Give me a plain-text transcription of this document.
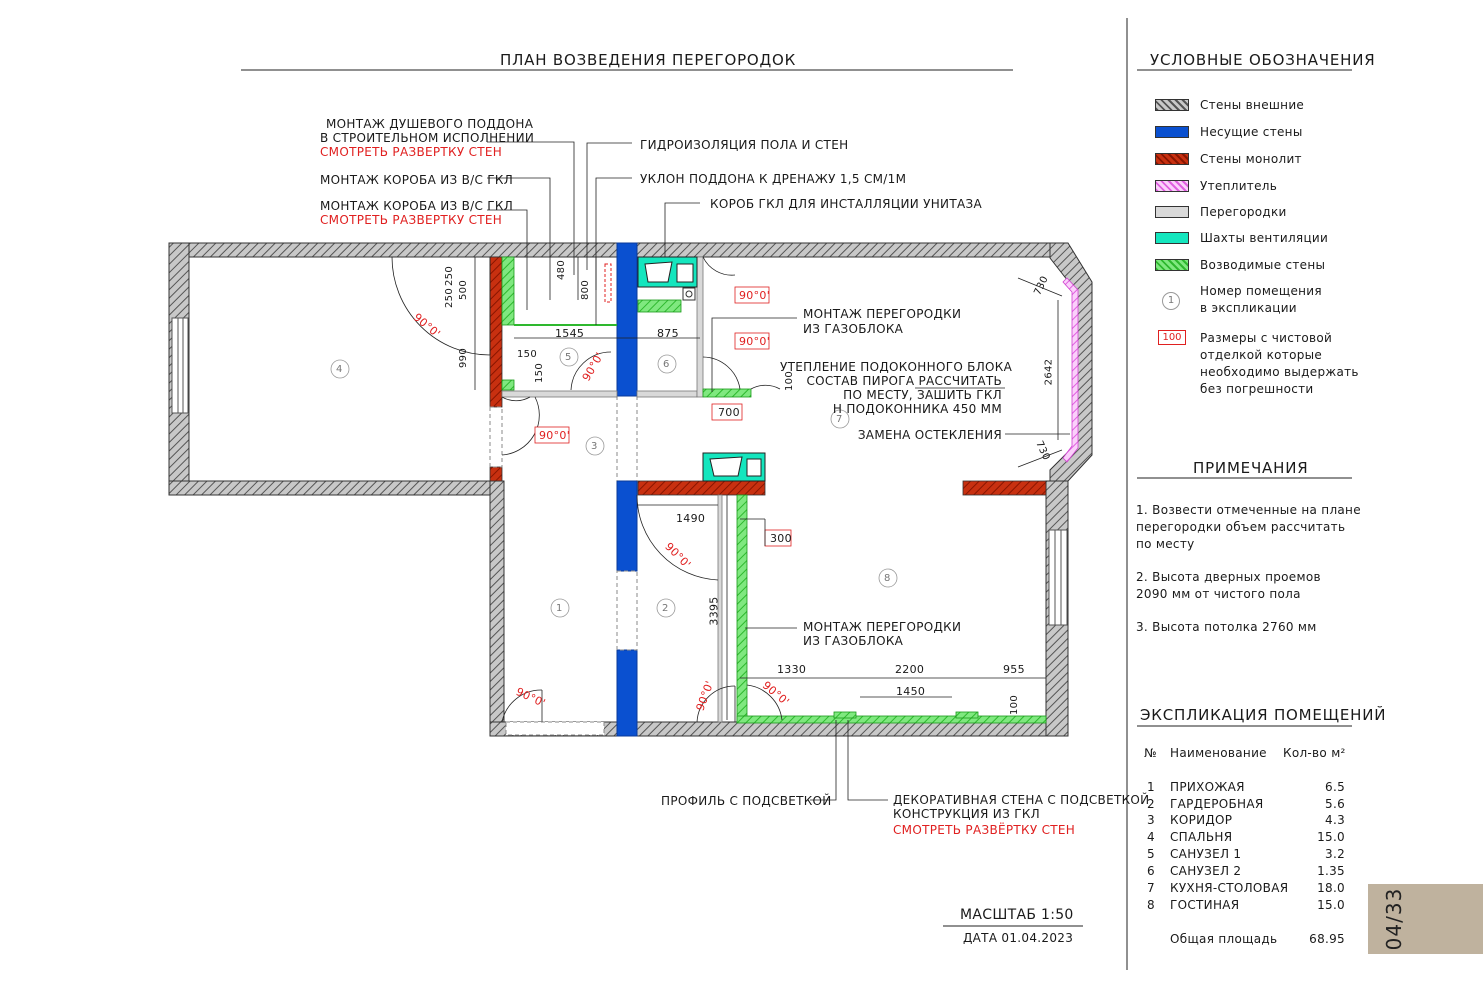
ПЛАН ВОЗВЕДЕНИЯ ПЕРЕГОРОДОК
МОНТАЖ ДУШЕВОГО ПОДДОНА
В СТРОИТЕЛЬНОМ ИСПОЛНЕНИИ
СМОТРЕТЬ РАЗВЕРТКУ СТЕН
МОНТАЖ КОРОБА ИЗ В/С ГКЛ
МОНТАЖ КОРОБА ИЗ В/С ГКЛ
СМОТРЕТЬ РАЗВЕРТКУ СТЕН
ГИДРОИЗОЛЯЦИЯ ПОЛА И СТЕН
УКЛОН ПОДДОНА К ДРЕНАЖУ 1,5 СМ/1М
КОРОБ ГКЛ ДЛЯ ИНСТАЛЛЯЦИИ УНИТАЗА
МОНТАЖ ПЕРЕГОРОДКИ
ИЗ ГАЗОБЛОКА
УТЕПЛЕНИЕ ПОДОКОННОГО БЛОКА
СОСТАВ ПИРОГА РАССЧИТАТЬ
ПО МЕСТУ, ЗАШИТЬ ГКЛ
Н ПОДОКОННИКА 450 ММ
ЗАМЕНА ОСТЕКЛЕНИЯ
МОНТАЖ ПЕРЕГОРОДКИ
ИЗ ГАЗОБЛОКА
ПРОФИЛЬ С ПОДСВЕТКОЙ	ДЕКОРАТИВНАЯ СТЕНА С ПОДСВЕТКОЙ
КОНСТРУКЦИЯ ИЗ ГКЛ
СМОТРЕТЬ РАЗВЁРТКУ СТЕН
250
250 500
990
480
800
1545	875
150
150	100
700
730
730
2642
1490
300
3395
1330	2200	955
1450
100
90°0'
90°0'
90°0'
90°0'
90°0'
90°0'
90°0'	90°0'	90°0'
4
5
6
3
7
1	2
8
МАСШТАБ 1:50
ДАТА 01.04.2023
УСЛОВНЫЕ ОБОЗНАЧЕНИЯ
Стены внешние
Несущие стены
Стены монолит
Утеплитель
Перегородки
Шахты вентиляции
Возводимые стены
1
Номер помещения
в экспликации
100	Размеры с чистовой
отделкой которые
необходимо выдержать
без погрешности
ПРИМЕЧАНИЯ
1. Возвести отмеченные на плане
перегородки объем рассчитать
по месту
2. Высота дверных проемов
2090 мм от чистого пола
3. Высота потолка 2760 мм
ЭКСПЛИКАЦИЯ ПОМЕЩЕНИЙ
№ Наименование Кол-во м²
1 ПРИХОЖАЯ	6.5
2 ГАРДЕРОБНАЯ	5.6
3 КОРИДОР	4.3
4 СПАЛЬНЯ	15.0
5 САНУЗЕЛ 1	3.2
6 САНУЗЕЛ 2	1.35
7 КУХНЯ-СТОЛОВАЯ	18.0
8 ГОСТИНАЯ	15.0
Общая площадь	68.95 04/33
